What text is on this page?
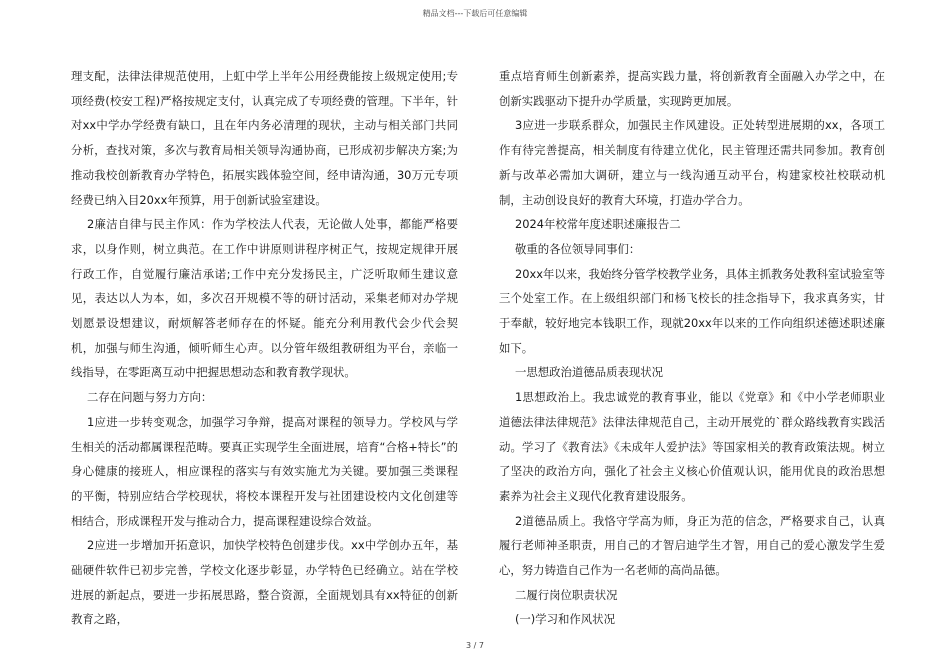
精品文档---下载后可任意编辑

理支配，法律法律规范使用，上虹中学上半年公用经费能按上级规定使用;专项经费(校安工程)严格按规定支付，认真完成了专项经费的管理。下半年，针对xx中学办学经费有缺口，且在年内务必清理的现状，主动与相关部门共同分析，查找对策，多次与教育局相关领导沟通协商，已形成初步解决方案;为推动我校创新教育办学特色，拓展实践体验空间，经申请沟通，30万元专项经费已纳入目20xx年预算，用于创新试验室建设。

2廉洁自律与民主作风：作为学校法人代表，无论做人处事，都能严格要求，以身作则，树立典范。在工作中讲原则讲程序树正气，按规定规律开展行政工作，自觉履行廉洁承诺;工作中充分发扬民主，广泛听取师生建议意见，表达以人为本，如，多次召开规模不等的研讨活动，采集老师对办学规划愿景设想建议，耐烦解答老师存在的怀疑。能充分利用教代会少代会契机，加强与师生沟通，倾听师生心声。以分管年级组教研组为平台，亲临一线指导，在零距离互动中把握思想动态和教育教学现状。

二存在问题与努力方向：

1应进一步转变观念，加强学习争辩，提高对课程的领导力。学校风与学生相关的活动都属课程范畴。要真正实现学生全面进展，培育“合格+特长”的身心健康的接班人，相应课程的落实与有效实施尤为关键。要加强三类课程的平衡，特别应结合学校现状，将校本课程开发与社团建设校内文化创建等相结合，形成课程开发与推动合力，提高课程建设综合效益。

2应进一步增加开拓意识，加快学校特色创建步伐。xx中学创办五年，基础硬件软件已初步完善，学校文化逐步彰显，办学特色已经确立。站在学校进展的新起点，要进一步拓展思路，整合资源，全面规划具有xx特征的创新教育之路，

重点培育师生创新素养，提高实践力量，将创新教育全面融入办学之中，在创新实践驱动下提升办学质量，实现跨更加展。

3应进一步联系群众，加强民主作风建设。正处转型进展期的xx，各项工作有待完善提高，相关制度有待建立优化，民主管理还需共同参加。教育创新与改革必需加大调研，建立与一线沟通互动平台，构建家校社校联动机制，主动创设良好的教育大环境，打造办学合力。

2024年校常年度述职述廉报告二

敬重的各位领导同事们：

20xx年以来，我始终分管学校教学业务，具体主抓教务处教科室试验室等三个处室工作。在上级组织部门和杨飞校长的挂念指导下，我求真务实，甘于奉献，较好地完本钱职工作，现就20xx年以来的工作向组织述德述职述廉如下。

一思想政治道德品质表现状况

1思想政治上。我忠诚党的教育事业，能以《党章》和《中小学老师职业道德法律法律规范》法律法律规范自己，主动开展党的`群众路线教育实践活动。学习了《教育法》《未成年人爱护法》等国家相关的教育政策法规。树立了坚决的政治方向，强化了社会主义核心价值观认识，能用优良的政治思想素养为社会主义现代化教育建设服务。

2道德品质上。我恪守学高为师，身正为范的信念，严格要求自己，认真履行老师神圣职责，用自己的才智启迪学生才智，用自己的爱心激发学生爱心，努力铸造自己作为一名老师的高尚品德。

二履行岗位职责状况

(一)学习和作风状况

3 / 7
